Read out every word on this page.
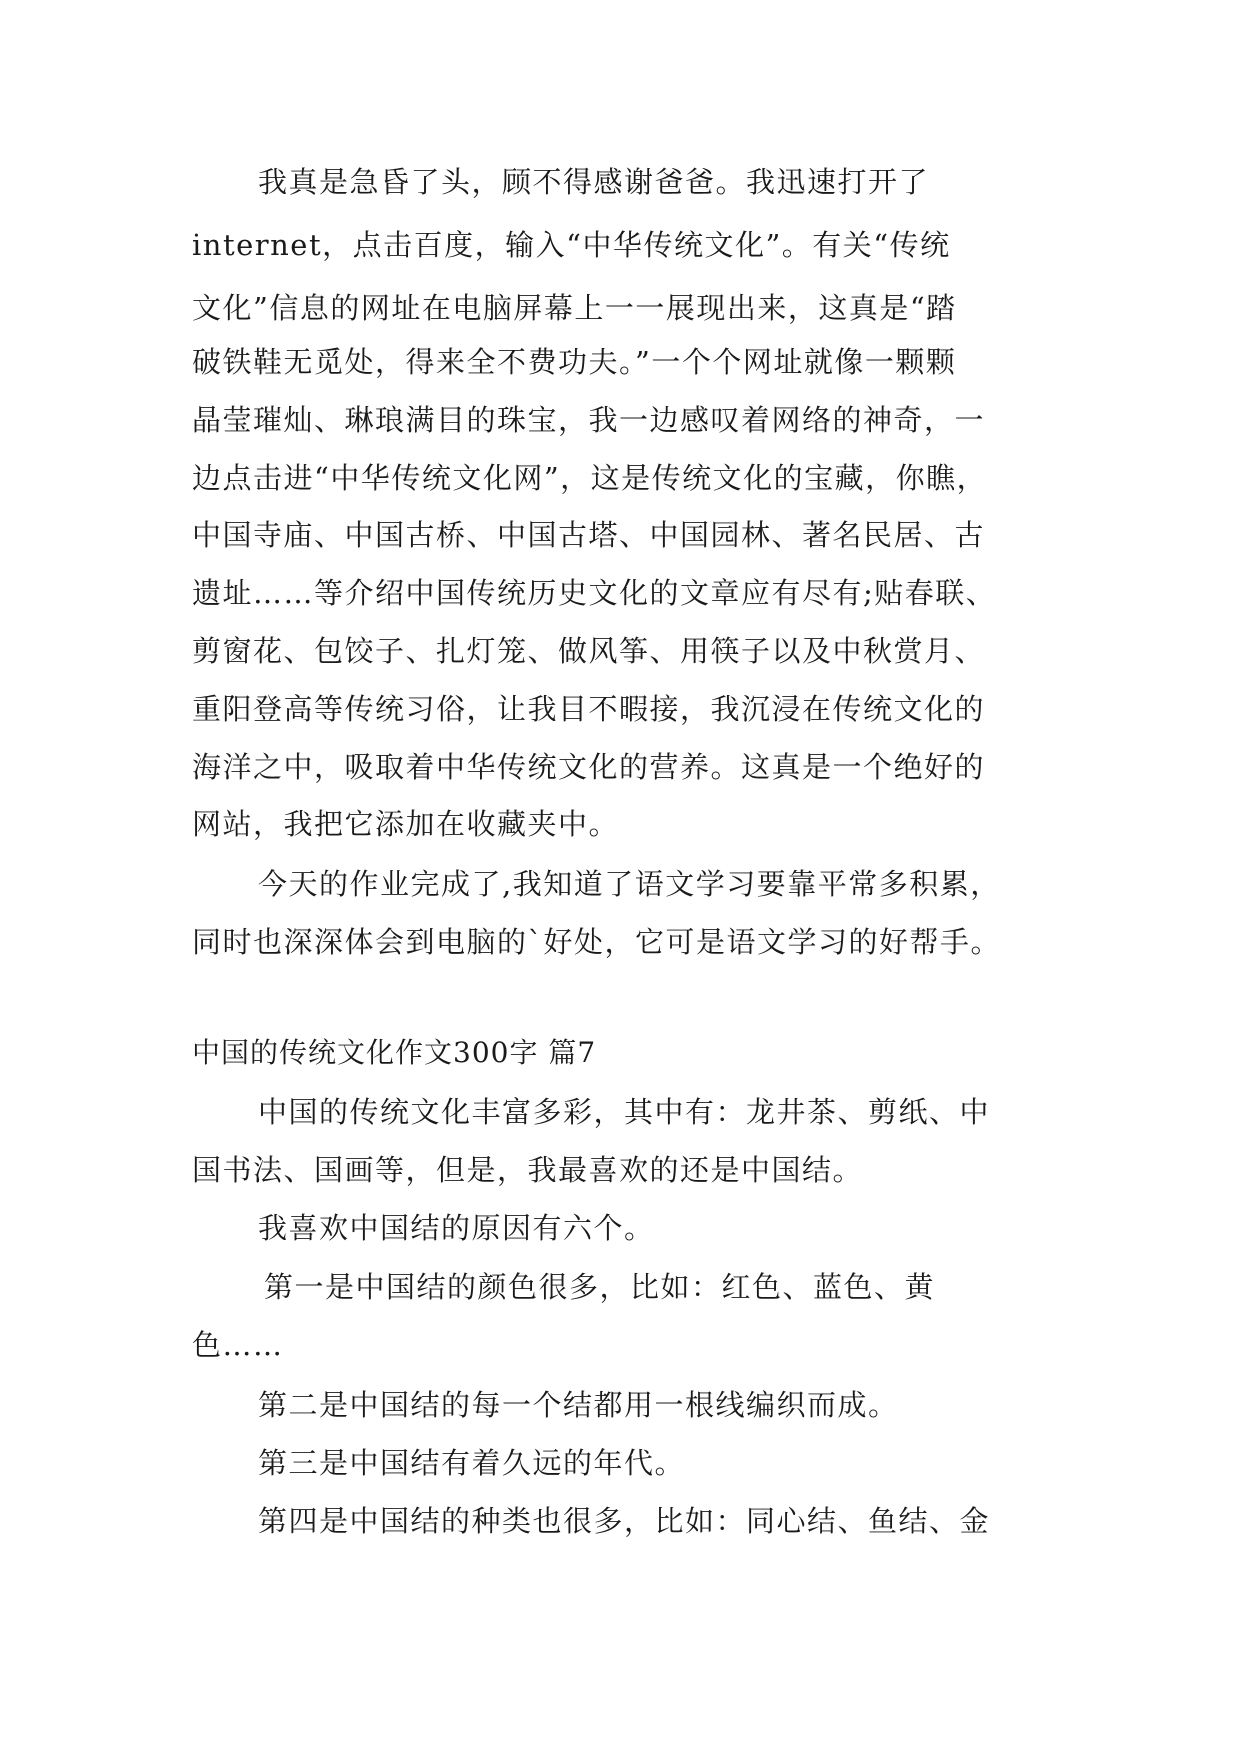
我真是急昏了头，顾不得感谢爸爸。我迅速打开了
internet，点击百度，输入“中华传统文化”。有关“传统
文化”信息的网址在电脑屏幕上一一展现出来，这真是“踏
破铁鞋无觅处，得来全不费功夫。”一个个网址就像一颗颗
晶莹璀灿、琳琅满目的珠宝，我一边感叹着网络的神奇，一
边点击进“中华传统文化网”，这是传统文化的宝藏，你瞧，
中国寺庙、中国古桥、中国古塔、中国园林、著名民居、古
遗址……等介绍中国传统历史文化的文章应有尽有;贴春联、
剪窗花、包饺子、扎灯笼、做风筝、用筷子以及中秋赏月、
重阳登高等传统习俗，让我目不暇接，我沉浸在传统文化的
海洋之中，吸取着中华传统文化的营养。这真是一个绝好的
网站，我把它添加在收藏夹中。
今天的作业完成了,我知道了语文学习要靠平常多积累，
同时也深深体会到电脑的`好处，它可是语文学习的好帮手。
中国的传统文化作文300字 篇7
中国的传统文化丰富多彩，其中有：龙井茶、剪纸、中
国书法、国画等，但是，我最喜欢的还是中国结。
我喜欢中国结的原因有六个。
第一是中国结的颜色很多，比如：红色、蓝色、黄
色……
第二是中国结的每一个结都用一根线编织而成。
第三是中国结有着久远的年代。
第四是中国结的种类也很多，比如：同心结、鱼结、金
